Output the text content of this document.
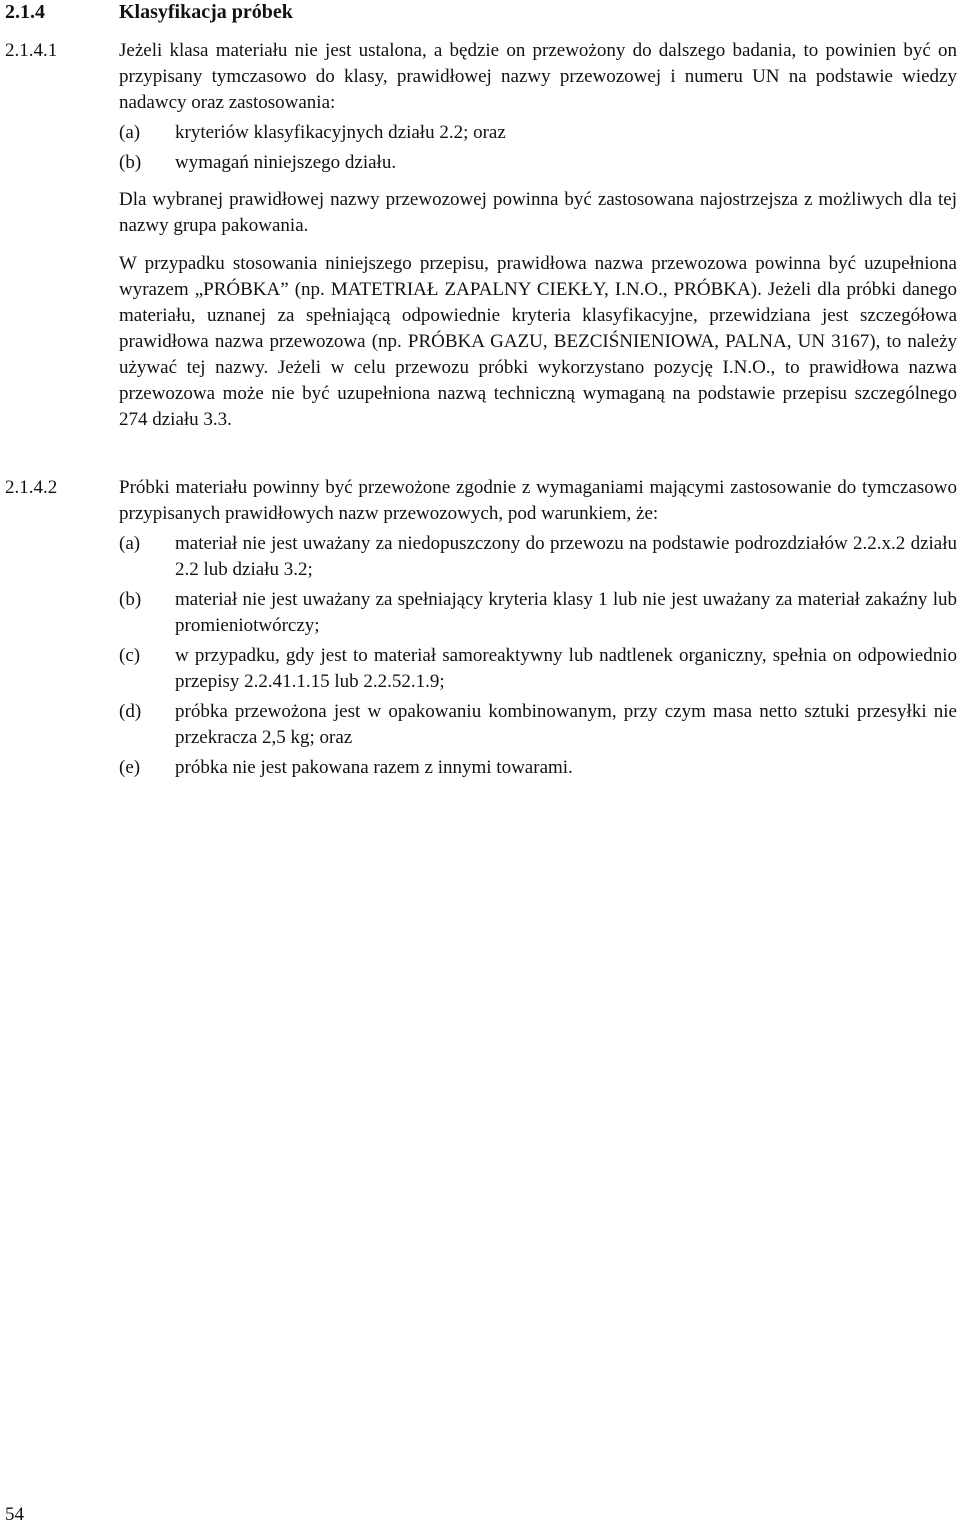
2.1.4	Klasyfikacja próbek
2.1.4.1	Jeżeli klasa materiału nie jest ustalona, a będzie on przewożony do dalszego badania, to powinien być on przypisany tymczasowo do klasy, prawidłowej nazwy przewozowej i numeru UN na podstawie wiedzy nadawcy oraz zastosowania:

(a) kryteriów klasyfikacyjnych działu 2.2; oraz
(b) wymagań niniejszego działu.

Dla wybranej prawidłowej nazwy przewozowej powinna być zastosowana najostrzejsza z możliwych dla tej nazwy grupa pakowania.

W przypadku stosowania niniejszego przepisu, prawidłowa nazwa przewozowa powinna być uzupełniona wyrazem „PRÓBKA” (np. MATETRIAŁ ZAPALNY CIEKŁY, I.N.O., PRÓBKA). Jeżeli dla próbki danego materiału, uznanej za spełniającą odpowiednie kryteria klasyfikacyjne, przewidziana jest szczegółowa prawidłowa nazwa przewozowa (np. PRÓBKA GAZU, BEZCIŚNIENIOWA, PALNA, UN 3167), to należy używać tej nazwy. Jeżeli w celu przewozu próbki wykorzystano pozycję I.N.O., to prawidłowa nazwa przewozowa może nie być uzupełniona nazwą techniczną wymaganą na podstawie przepisu szczególnego 274 działu 3.3.

2.1.4.2	Próbki materiału powinny być przewożone zgodnie z wymaganiami mającymi zastosowanie do tymczasowo przypisanych prawidłowych nazw przewozowych, pod warunkiem, że:

(a) materiał nie jest uważany za niedopuszczony do przewozu na podstawie podrozdziałów 2.2.x.2 działu 2.2 lub działu 3.2;
(b) materiał nie jest uważany za spełniający kryteria klasy 1 lub nie jest uważany za materiał zakaźny lub promieniotwórczy;
(c) w przypadku, gdy jest to materiał samoreaktywny lub nadtlenek organiczny, spełnia on odpowiednio przepisy 2.2.41.1.15 lub 2.2.52.1.9;
(d) próbka przewożona jest w opakowaniu kombinowanym, przy czym masa netto sztuki przesyłki nie przekracza 2,5 kg; oraz
(e) próbka nie jest pakowana razem z innymi towarami.
54
